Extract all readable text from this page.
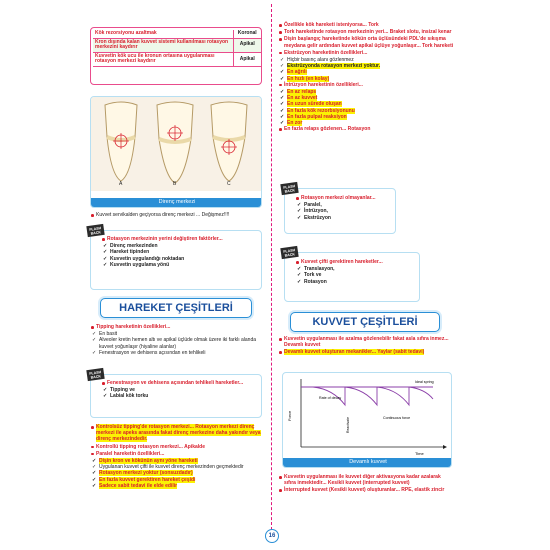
Kök rezorsiyonu azaltmak	Koronal
Kron dışında kalan kuvvet sistemi kullanılması rotasyon merkezini kaydırır	Apikal
Kuvvetin kök ucu ile kronun ortasına uygulanması rotasyon merkezi kaydırır	Apikal
A	B	C
Direnç merkezi
Kuvvet servikalden geçiyorsa direnç merkezi ... Değişmez!!!!
FLASH BACK
Rotasyon merkezinin yerini değiştiren faktörler...
✓ Direnç merkezinden
✓ Hareket tipinden
✓ Kuvvetin uygulandığı noktadan
✓ Kuvvetin uygulama yönü
HAREKET ÇEŞİTLERİ
Tipping hareketinin özellikleri...
✓ En basit
✓ Alveoler kretin hemen altı ve apikal üçlüde olmak üzere iki farklı alanda kuvvet yoğunlaşır (hiyaline alanlar)
✓ Fenestrasyon ve dehisens açısından en tehlikeli
FLASH BACK
Fenestrasyon ve dehisens açısından tehlikeli hareketler...
✓ Tipping ve
✓ Labial kök torku
Kontrolsüz tipping'de rotasyon merkezi... Rotasyon merkezi direnç merkezi ile apeks arasında fakat direnç merkezine daha yakındır veya direnç merkezindedir.
Kontrollü tipping rotasyon merkezi... Apikalde
Paralel hareketin özellikleri...
✓ Dişin kron ve kökünün aynı yöne hareketi
✓ Uygulanan kuvvet çifti ile kuvvet direnç merkezinden geçmektedir
✓ Rotasyon merkezi yoktur (sonsuzdadır)
✓ En fazla kuvvet gerektiren hareket çeşidi
✓ Sadece sabit tedavi ile elde edilir
Özellikle kök hareketi isteniyorsa... Tork
Tork hareketinde rotasyon merkezinin yeri... Braket slotu, insizal kenar
Dişin başlangıç hareketinde kökün orta üçlüsündeki PDL'de sıkışma meydana gelir ardından kuvvet apikal üçlüye yoğunlaşır... Tork hareketi
Ekstrüzyon hareketinin özellikleri...
✓ Hiçbir basınç alanı gözlenmez
✓ Ekstrüzyonda rotasyon merkezi yoktur.
✓ En ağrılı
✓ En hızlı (en kolay)
İntrüzyon hareketinin özellikleri...
✓ En az relaps
✓ En az kuvvet
✓ En uzun sürede oluşan
✓ En fazla kök rezorbsiyonunu
✓ En fazla pulpal reaksiyon
✓ En zor
En fazla relaps gözlenen... Rotasyon
FLASH BACK
Rotasyon merkezi olmayanlar...
✓ Paralel,
✓ İntrüzyon,
✓ Ekstrüzyon
FLASH BACK
Kuvvet çifti gerektiren hareketler...
✓ Translasyon,
✓ Tork ve
✓ Rotasyon
KUVVET ÇEŞİTLERİ
Kuvvetin uygulanması ile azalma gözlenebilir fakat asla sıfıra inmez... Devamlı kuvvet
Devamlı kuvvet oluşturan mekanikler... Yaylar (sabit tedavi)
Force
Time
Rate of decay
Ideal spring
Continuous force
Reactivate
Devamlı kuvvet
Kuvvetin uygulanması ile kuvvet diğer aktivasyona kadar azalarak sıfıra inmektedir... Kesikli kuvvet (interrupted kuvvet)
İnterrupted kuvvet (Kesikli kuvvet) oluşturanlar... RPE, elastik zincir
16
